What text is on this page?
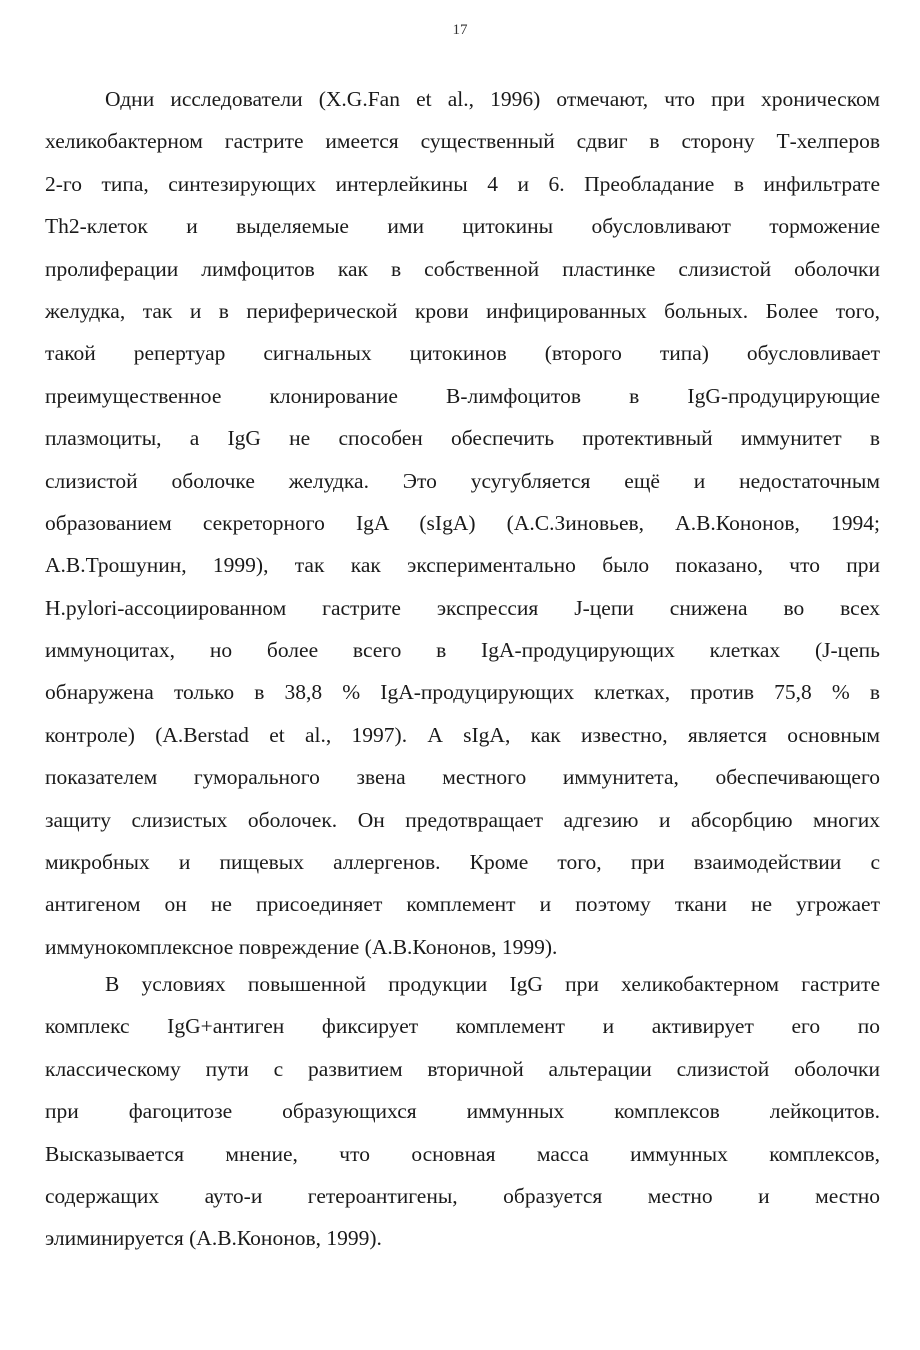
17
Одни исследователи (X.G.Fan et al., 1996) отмечают, что при хроническом
хеликобактерном гастрите имеется существенный сдвиг в сторону Т-хелперов
2-го типа, синтезирующих интерлейкины 4 и 6. Преобладание в инфильтрате
Th2-клеток и выделяемые ими цитокины обусловливают торможение
пролиферации лимфоцитов как в собственной пластинке слизистой оболочки
желудка, так и в периферической крови инфицированных больных. Более того,
такой репертуар сигнальных цитокинов (второго типа) обусловливает
преимущественное клонирование В-лимфоцитов в IgG-продуцирующие
плазмоциты, а IgG не способен обеспечить протективный иммунитет в
слизистой оболочке желудка. Это усугубляется ещё и недостаточным
образованием секреторного IgA (sIgA) (А.С.Зиновьев, А.В.Кононов, 1994;
А.В.Трошунин, 1999), так как экспериментально было показано, что при
H.pylori-ассоциированном гастрите экспрессия J-цепи снижена во всех
иммуноцитах, но более всего в IgA-продуцирующих клетках (J-цепь
обнаружена только в 38,8 % IgA-продуцирующих клетках, против 75,8 % в
контроле) (A.Berstad et al., 1997). А sIgA, как известно, является основным
показателем гуморального звена местного иммунитета, обеспечивающего
защиту слизистых оболочек. Он предотвращает адгезию и абсорбцию многих
микробных и пищевых аллергенов. Кроме того, при взаимодействии с
антигеном он не присоединяет комплемент и поэтому ткани не угрожает
иммунокомплексное повреждение (А.В.Кононов, 1999).
В условиях повышенной продукции IgG при хеликобактерном гастрите
комплекс IgG+антиген фиксирует комплемент и активирует его по
классическому пути с развитием вторичной альтерации слизистой оболочки
при фагоцитозе образующихся иммунных комплексов лейкоцитов.
Высказывается мнение, что основная масса иммунных комплексов,
содержащих ауто-и гетероантигены, образуется местно и местно
элиминируется (А.В.Кононов, 1999).
